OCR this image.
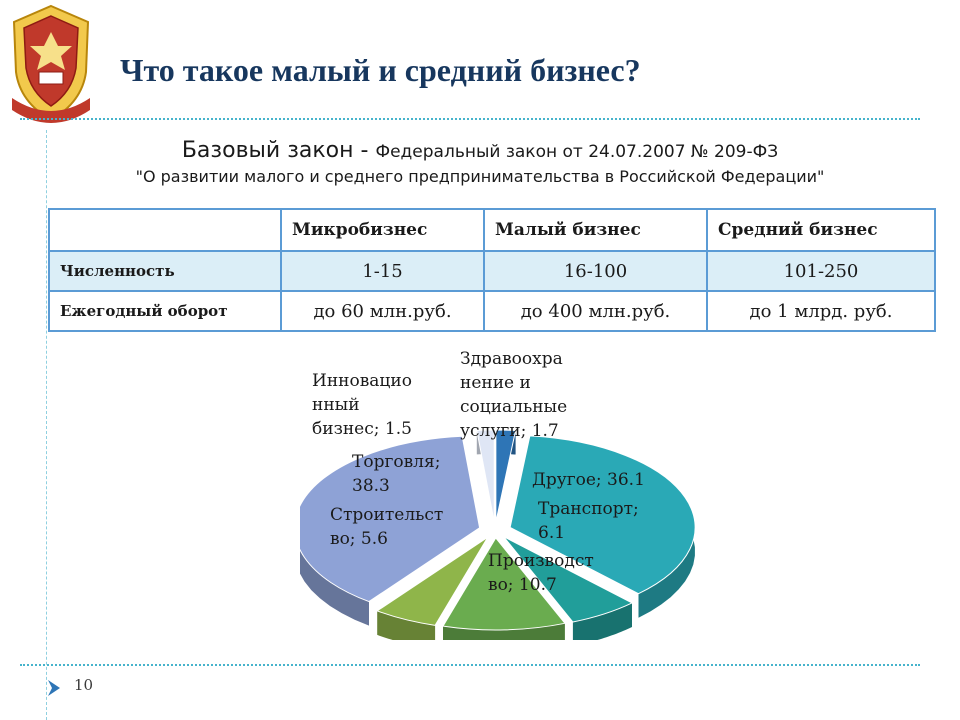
Что такое малый и средний бизнес?
Базовый закон - Федеральный закон от 24.07.2007 № 209-ФЗ
"О развитии малого и среднего предпринимательства в Российской Федерации"
	Микробизнес	Малый бизнес	Средний бизнес
Численность	1-15	16-100	101-250
Ежегодный оборот	до 60 млн.руб.	до 400 млн.руб.	до 1 млрд. руб.
Здравоохра нение и социальные услуги; 1.7
Другое; 36.1
Транспорт; 6.1
Производст во; 10.7
Строительст во; 5.6
Торговля; 38.3
Инновацио нный бизнес; 1.5
10
